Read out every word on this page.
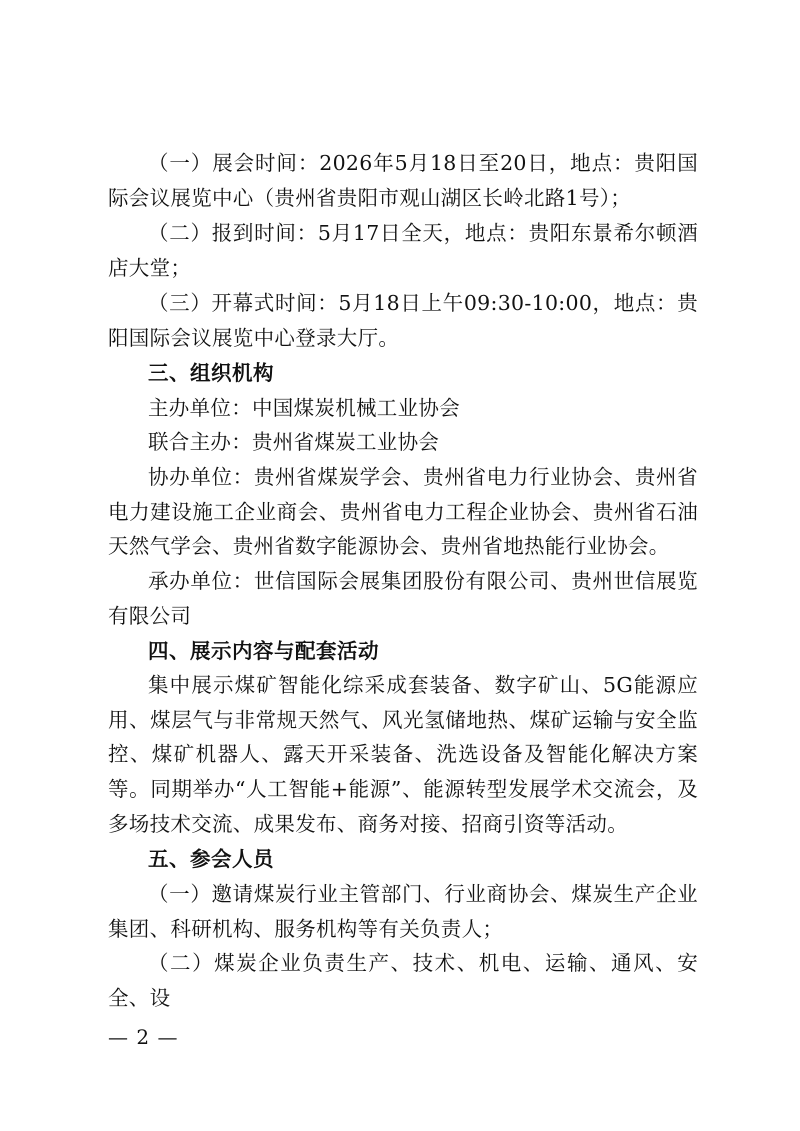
（一）展会时间：2026年5月18日至20日，地点：贵阳国际会议展览中心（贵州省贵阳市观山湖区长岭北路1号）；

（二）报到时间：5月17日全天，地点：贵阳东景希尔顿酒店大堂；

（三）开幕式时间：5月18日上午09:30-10:00，地点：贵阳国际会议展览中心登录大厅。

三、组织机构

主办单位：中国煤炭机械工业协会

联合主办：贵州省煤炭工业协会

协办单位：贵州省煤炭学会、贵州省电力行业协会、贵州省电力建设施工企业商会、贵州省电力工程企业协会、贵州省石油天然气学会、贵州省数字能源协会、贵州省地热能行业协会。

承办单位：世信国际会展集团股份有限公司、贵州世信展览有限公司

四、展示内容与配套活动

集中展示煤矿智能化综采成套装备、数字矿山、5G能源应用、煤层气与非常规天然气、风光氢储地热、煤矿运输与安全监控、煤矿机器人、露天开采装备、洗选设备及智能化解决方案等。同期举办“人工智能+能源”、能源转型发展学术交流会，及多场技术交流、成果发布、商务对接、招商引资等活动。

五、参会人员

（一）邀请煤炭行业主管部门、行业商协会、煤炭生产企业集团、科研机构、服务机构等有关负责人；

（二）煤炭企业负责生产、技术、机电、运输、通风、安全、设

— 2 —
